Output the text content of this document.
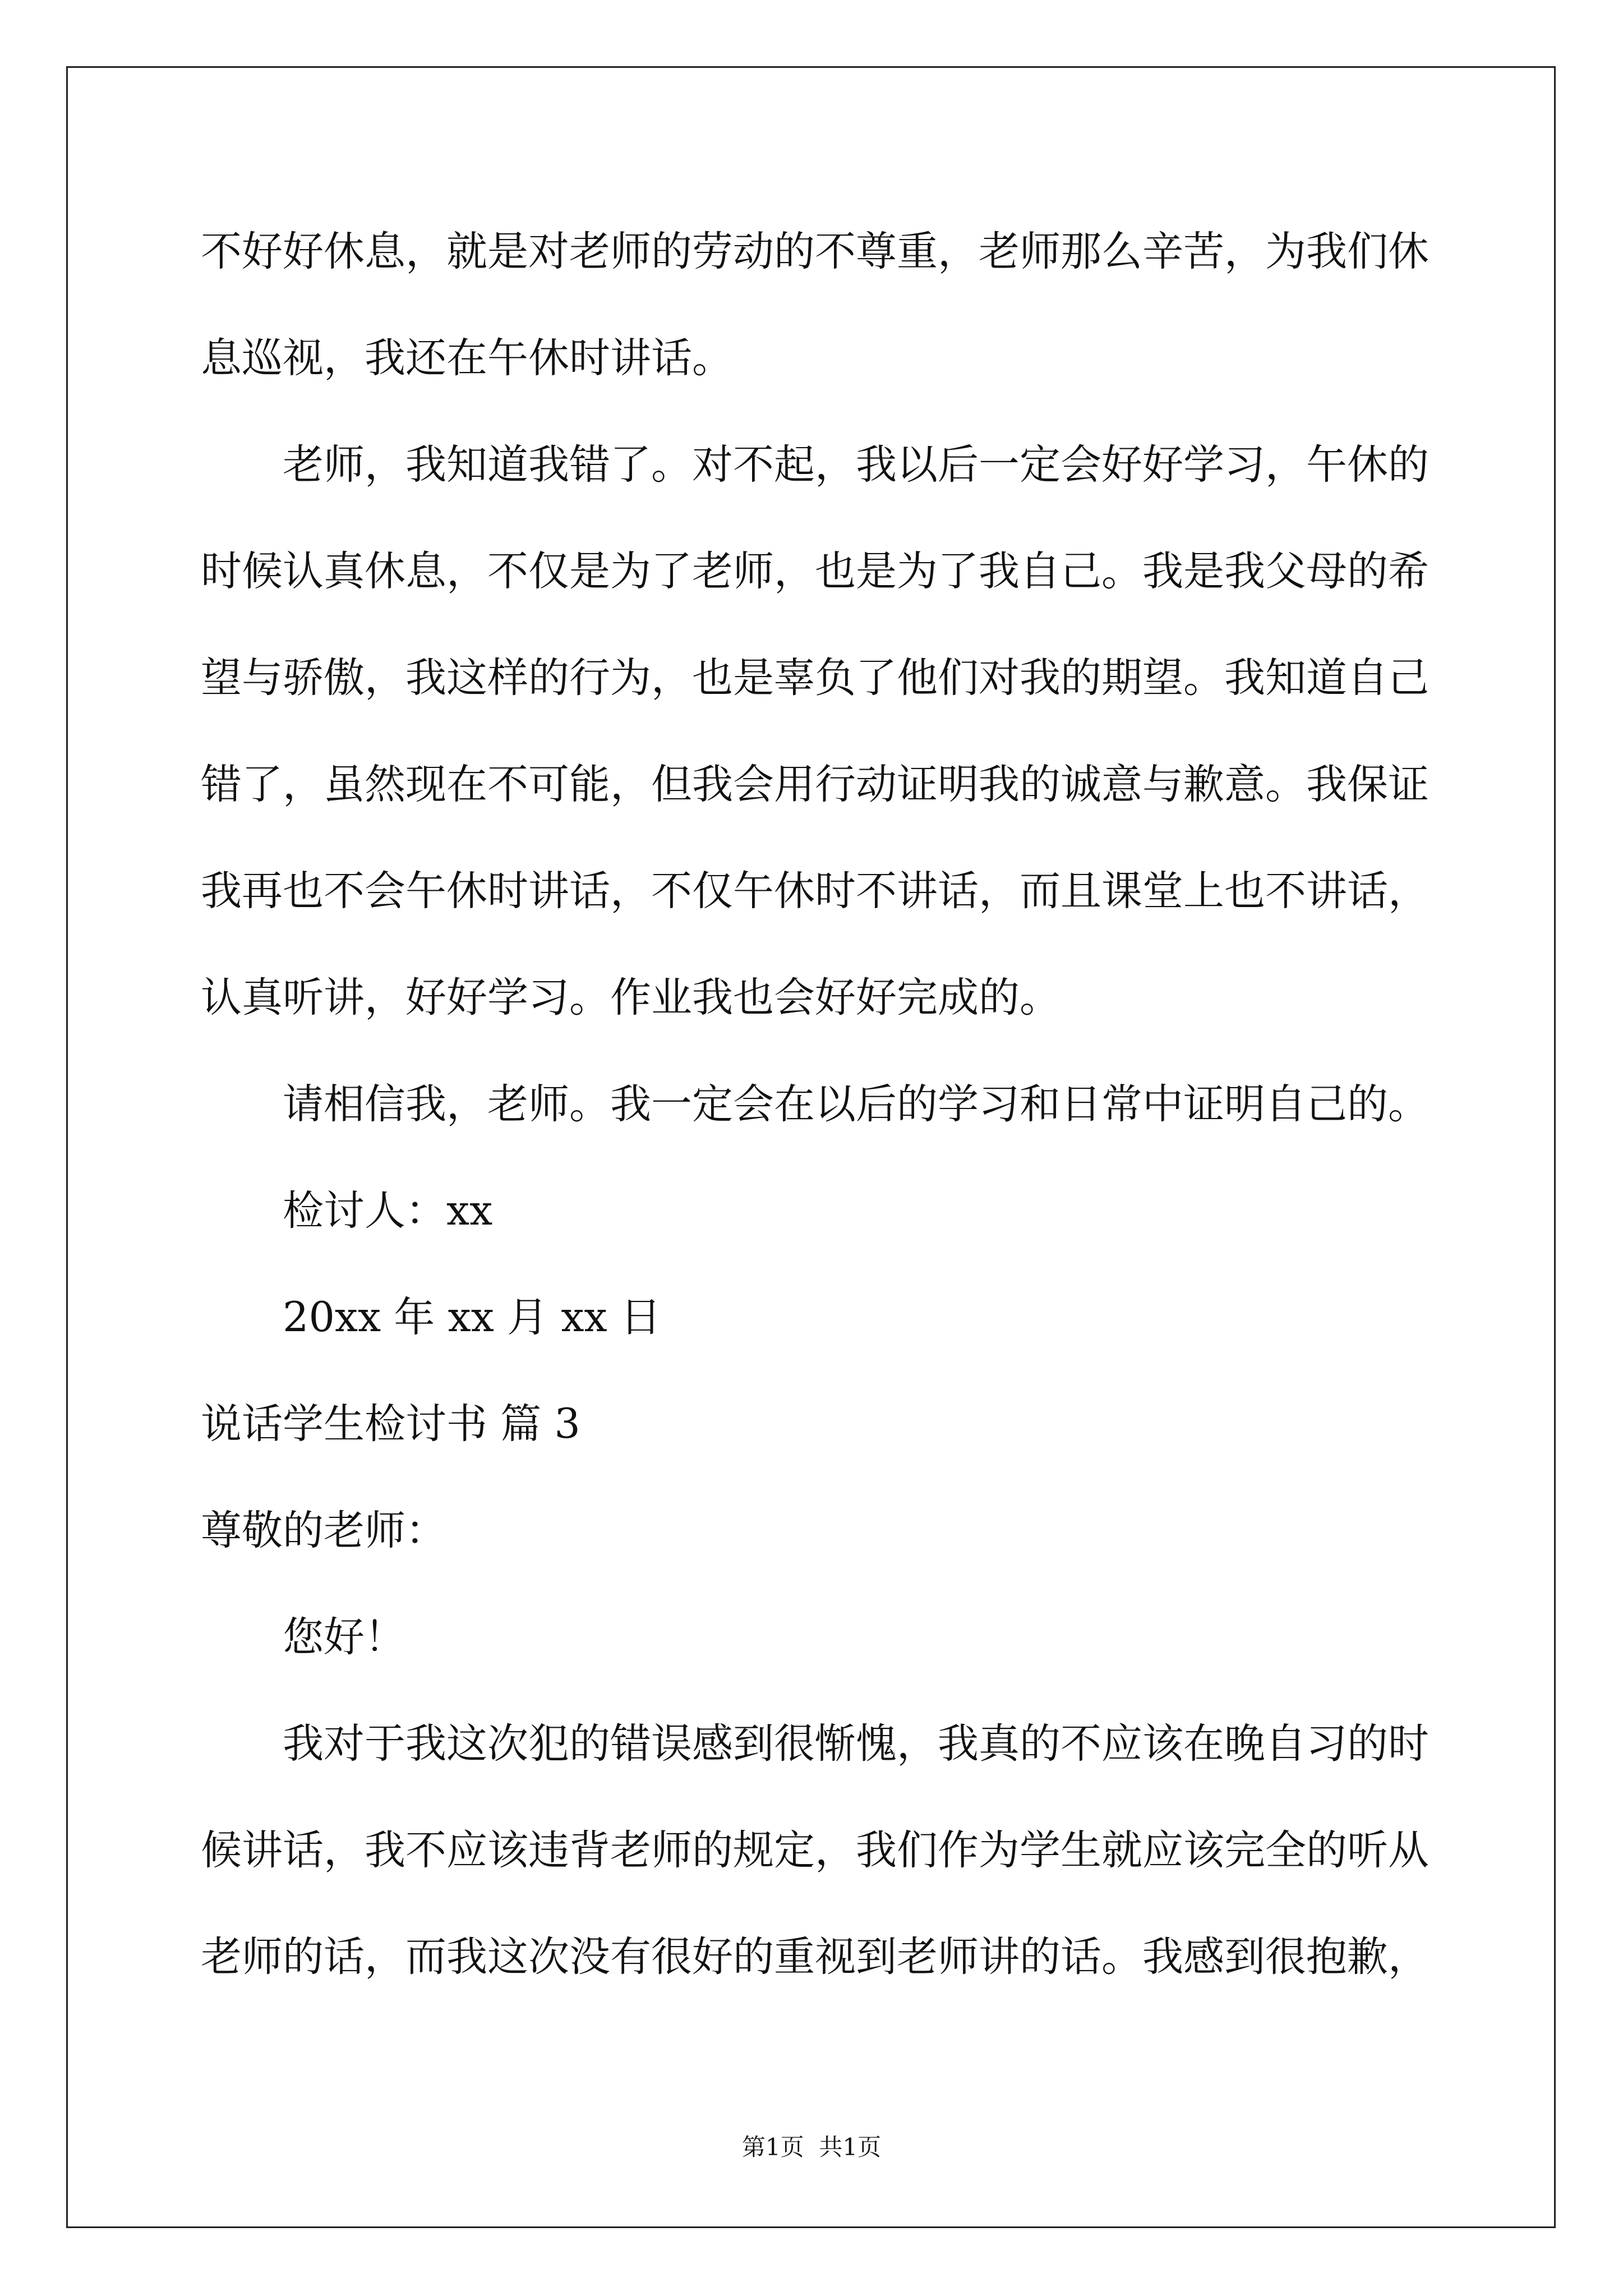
不好好休息，就是对老师的劳动的不尊重，老师那么辛苦，为我们休
息巡视，我还在午休时讲话。
老师，我知道我错了。对不起，我以后一定会好好学习，午休的
时候认真休息，不仅是为了老师，也是为了我自己。我是我父母的希
望与骄傲，我这样的行为，也是辜负了他们对我的期望。我知道自己
错了，虽然现在不可能，但我会用行动证明我的诚意与歉意。我保证
我再也不会午休时讲话，不仅午休时不讲话，而且课堂上也不讲话，
认真听讲，好好学习。作业我也会好好完成的。
请相信我，老师。我一定会在以后的学习和日常中证明自己的。
检讨人：xx
20xx 年 xx 月 xx 日
说话学生检讨书 篇 3
尊敬的老师：
您好！
我对于我这次犯的错误感到很惭愧，我真的不应该在晚自习的时
候讲话，我不应该违背老师的规定，我们作为学生就应该完全的听从
老师的话，而我这次没有很好的重视到老师讲的话。我感到很抱歉，
第1页  共1页
